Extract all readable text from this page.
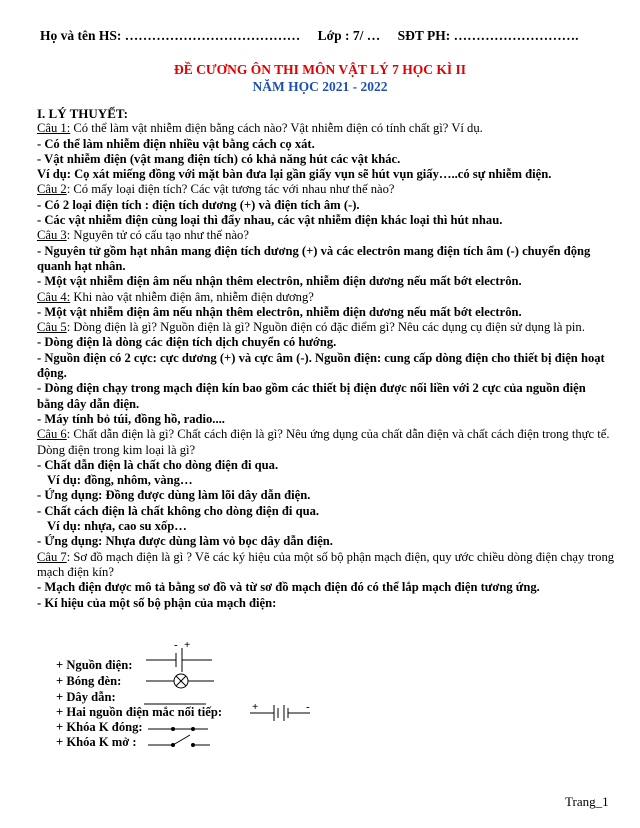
Họ và tên HS: ………………………………… Lớp : 7/ … SĐT PH: ……………………….
ĐỀ CƯƠNG ÔN THI MÔN VẬT LÝ 7 HỌC KÌ II
NĂM HỌC 2021 - 2022

I. LÝ THUYẾT:

Câu 1: Có thể làm vật nhiễm điện bằng cách nào? Vật nhiễm điện có tính chất gì? Ví dụ.

- Có thể làm nhiễm điện nhiều vật bằng cách cọ xát.

- Vật nhiễm điện (vật mang điện tích) có khả năng hút các vật khác.

Ví dụ: Cọ xát miếng đồng với mặt bàn đưa lại gần giấy vụn sẽ hút vụn giấy…..có sự nhiễm điện.

Câu 2: Có mấy loại điện tích? Các vật tương tác với nhau như thế nào?

- Có 2 loại điện tích : điện tích dương (+) và điện tích âm (-).

- Các vật nhiễm điện cùng loại thì đẩy nhau, các vật nhiễm điện khác loại thì hút nhau.

Câu 3: Nguyên tử có cấu tạo như thế nào?

- Nguyên tử gồm hạt nhân mang điện tích dương (+) và các electrôn mang điện tích âm (-) chuyển động quanh hạt nhân.

- Một vật nhiễm điện âm nếu nhận thêm electrôn, nhiễm điện dương nếu mất bớt electrôn.

Câu 4: Khi nào vật nhiễm điện âm, nhiễm điện dương?

- Một vật nhiễm điện âm nếu nhận thêm electrôn, nhiễm điện dương nếu mất bớt electrôn.

Câu 5: Dòng điện là gì? Nguồn điện là gì? Nguồn điện có đặc điểm gì? Nêu các dụng cụ điện sử dụng là pin.

- Dòng điện là dòng các điện tích dịch chuyển có hướng.

- Nguồn điện có 2 cực: cực dương (+) và cực âm (-). Nguồn điện: cung cấp dòng điện cho thiết bị điện hoạt động.

- Dòng điện chạy trong mạch điện kín bao gồm các thiết bị điện được nối liền với 2 cực của nguồn điện bằng dây dẫn điện.

- Máy tính bỏ túi, đồng hồ, radio....

Câu 6: Chất dẫn điện là gì? Chất cách điện là gì? Nêu ứng dụng của chất dẫn điện và chất cách điện trong thực tế. Dòng điện trong kim loại là gì?

- Chất dẫn điện là chất cho dòng điện đi qua.

Ví dụ: đồng, nhôm, vàng…

- Ứng dụng: Đồng được dùng làm lõi dây dẫn điện.

- Chất cách điện là chất không cho dòng điện đi qua.

Ví dụ: nhựa, cao su xốp…

- Ứng dụng: Nhựa được dùng làm vỏ bọc dây dẫn điện.

Câu 7: Sơ đồ mạch điện là gì ? Vẽ các ký hiệu của một số bộ phận mạch điện, quy ước chiều dòng điện chạy trong mạch điện kín?

- Mạch điện được mô tả bằng sơ đồ và từ sơ đồ mạch điện đó có thể lắp mạch điện tương ứng.

- Kí hiệu của một số bộ phận của mạch điện:

+ Nguồn điện:
- +
+ Bóng đèn:
+ Dây dẫn:
+ Hai nguồn điện mắc nối tiếp:	+	-
+ Khóa K đóng:
+ Khóa K mở :
Trang_1
